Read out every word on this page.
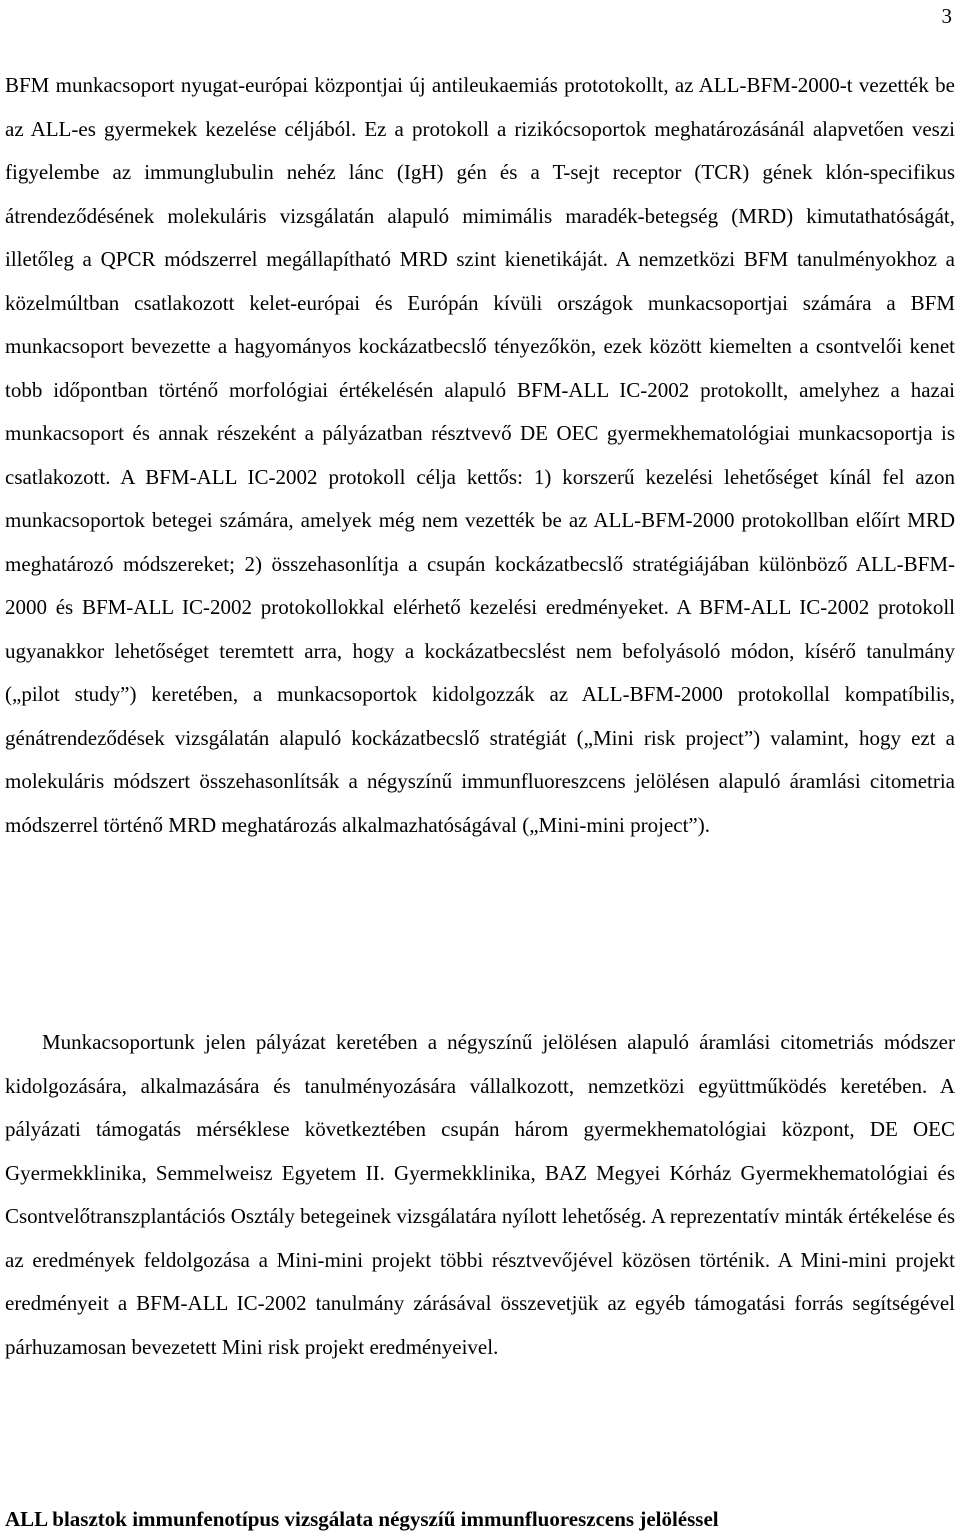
3

BFM munkacsoport nyugat-európai központjai új antileukaemiás prototokollt, az ALL-BFM-2000-t vezették be az ALL-es gyermekek kezelése céljából. Ez a protokoll a rizikócsoportok meghatározásánál alapvetően veszi figyelembe az immunglubulin nehéz lánc (IgH) gén és a T-sejt receptor (TCR) gének klón-specifikus átrendeződésének molekuláris vizsgálatán alapuló mimimális maradék-betegség (MRD) kimutathatóságát, illetőleg a QPCR módszerrel megállapítható MRD szint kienetikáját. A nemzetközi BFM tanulményokhoz a közelmúltban csatlakozott kelet-európai és Európán kívüli országok munkacsoportjai számára a BFM munkacsoport bevezette a hagyományos kockázatbecslő tényezőkön, ezek között kiemelten a csontvelői kenet tobb időpontban történő morfológiai értékelésén alapuló BFM-ALL IC-2002 protokollt, amelyhez a hazai munkacsoport és annak részeként a pályázatban résztvevő DE OEC gyermekhematológiai munkacsoportja is csatlakozott. A BFM-ALL IC-2002 protokoll célja kettős: 1) korszerű kezelési lehetőséget kínál fel azon munkacsoportok betegei számára, amelyek még nem vezették be az ALL-BFM-2000 protokollban előírt MRD meghatározó módszereket; 2) összehasonlítja a csupán kockázatbecslő stratégiájában különböző ALL-BFM-2000 és BFM-ALL IC-2002 protokollokkal elérhető kezelési eredményeket. A BFM-ALL IC-2002 protokoll ugyanakkor lehetőséget teremtett arra, hogy a kockázatbecslést nem befolyásoló módon, kísérő tanulmány („pilot study”) keretében, a munkacsoportok kidolgozzák az ALL-BFM-2000 protokollal kompatíbilis, génátrendeződések vizsgálatán alapuló kockázatbecslő stratégiát („Mini risk project”) valamint, hogy ezt a molekuláris módszert összehasonlítsák a négyszínű immunfluoreszcens jelölésen alapuló áramlási citometria módszerrel történő MRD meghatározás alkalmazhatóságával („Mini-mini project”).

Munkacsoportunk jelen pályázat keretében a négyszínű jelölésen alapuló áramlási citometriás módszer kidolgozására, alkalmazására és tanulményozására vállalkozott, nemzetközi együttműködés keretében. A pályázati támogatás mérséklese következtében csupán három gyermekhematológiai központ, DE OEC Gyermekklinika, Semmelweisz Egyetem II. Gyermekklinika, BAZ Megyei Kórház Gyermekhematológiai és Csontvelőtranszplantációs Osztály betegeinek vizsgálatára nyílott lehetőség. A reprezentatív minták értékelése és az eredmények feldolgozása a Mini-mini projekt többi résztvevőjével közösen történik. A Mini-mini projekt eredményeit a BFM-ALL IC-2002 tanulmány zárásával összevetjük az egyéb támogatási forrás segítségével párhuzamosan bevezetett Mini risk projekt eredményeivel.

ALL blasztok immunfenotípus vizsgálata négyszíű immunfluoreszcens jelöléssel
